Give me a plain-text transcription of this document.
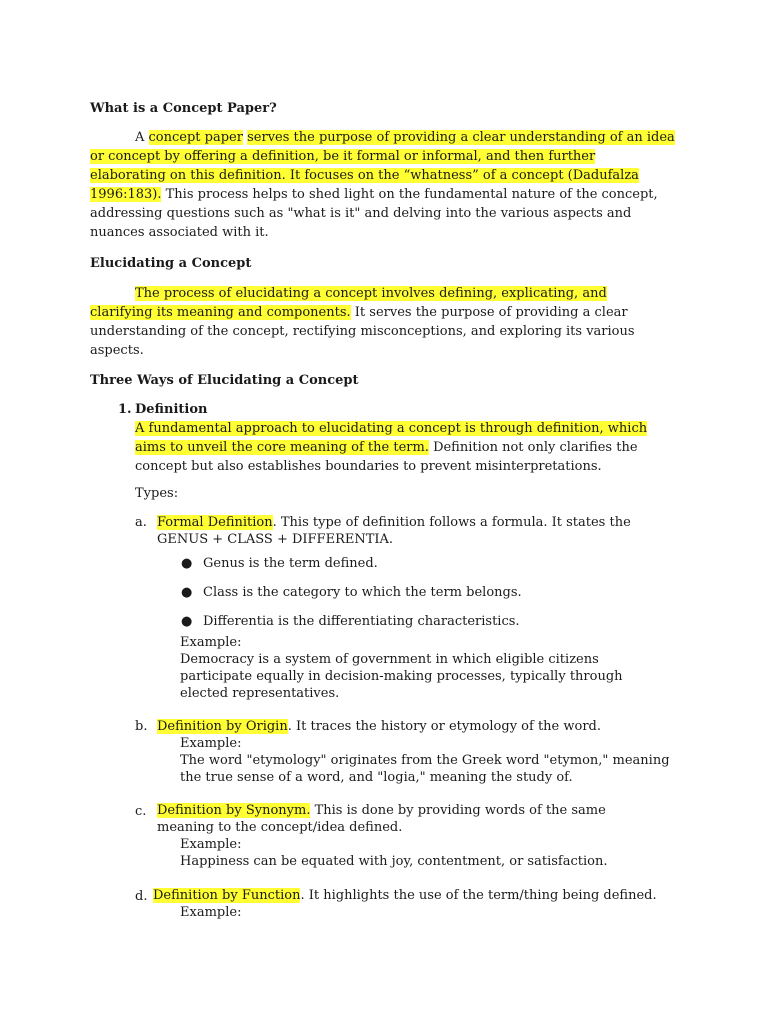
What is a Concept Paper?

A concept paper serves the purpose of providing a clear understanding of an idea or concept by offering a definition, be it formal or informal, and then further elaborating on this definition. It focuses on the “whatness” of a concept (Dadufalza 1996:183). This process helps to shed light on the fundamental nature of the concept, addressing questions such as "what is it" and delving into the various aspects and nuances associated with it.

Elucidating a Concept

The process of elucidating a concept involves defining, explicating, and clarifying its meaning and components. It serves the purpose of providing a clear understanding of the concept, rectifying misconceptions, and exploring its various aspects.

Three Ways of Elucidating a Concept
1. Definition

A fundamental approach to elucidating a concept is through definition, which aims to unveil the core meaning of the term. Definition not only clarifies the concept but also establishes boundaries to prevent misinterpretations.

Types:
a. Formal Definition. This type of definition follows a formula. It states the GENUS + CLASS + DIFFERENTIA.

● Genus is the term defined.
● Class is the category to which the term belongs.
● Differentia is the differentiating characteristics.
Example:

Democracy is a system of government in which eligible citizens participate equally in decision-making processes, typically through elected representatives.

b. Definition by Origin. It traces the history or etymology of the word.

Example:

The word "etymology" originates from the Greek word "etymon," meaning the true sense of a word, and "logia," meaning the study of.

c. Definition by Synonym. This is done by providing words of the same meaning to the concept/idea defined.

Example:

Happiness can be equated with joy, contentment, or satisfaction.

d. Definition by Function. It highlights the use of the term/thing being defined.

Example:
